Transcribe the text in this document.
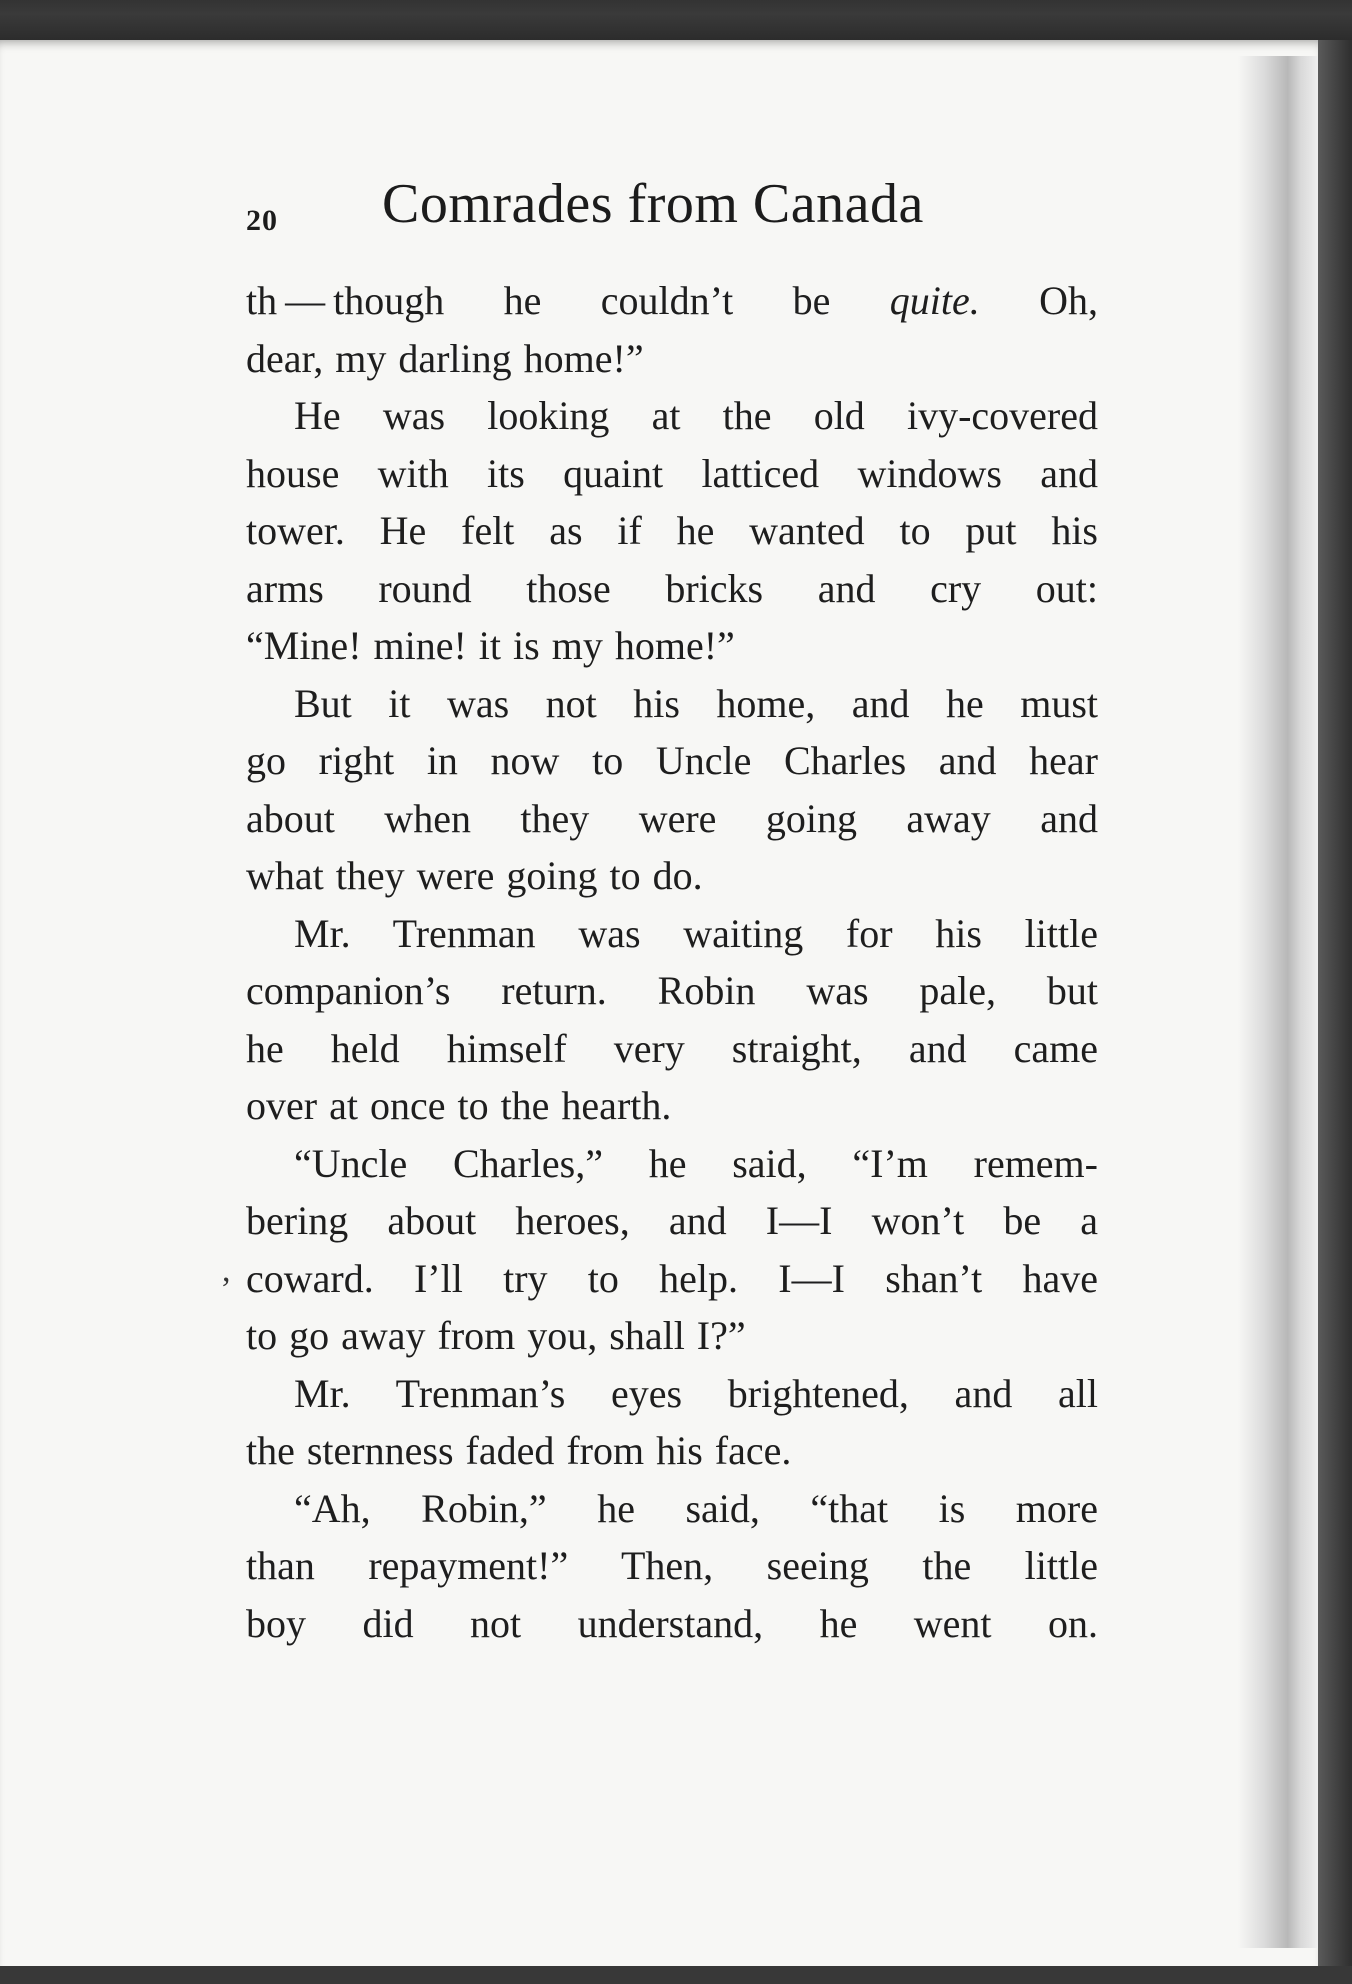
20 Comrades from Canada
,
th — though he couldn’t be quite. Oh,
dear, my darling home!”
He was looking at the old ivy-covered
house with its quaint latticed windows and
tower. He felt as if he wanted to put his
arms round those bricks and cry out:
“Mine! mine! it is my home!”
But it was not his home, and he must
go right in now to Uncle Charles and hear
about when they were going away and
what they were going to do.
Mr. Trenman was waiting for his little
companion’s return. Robin was pale, but
he held himself very straight, and came
over at once to the hearth.
“Uncle Charles,” he said, “I’m remem-
bering about heroes, and I—I won’t be a
coward. I’ll try to help. I—I shan’t have
to go away from you, shall I?”
Mr. Trenman’s eyes brightened, and all
the sternness faded from his face.
“Ah, Robin,” he said, “that is more
than repayment!” Then, seeing the little
boy did not understand, he went on.
